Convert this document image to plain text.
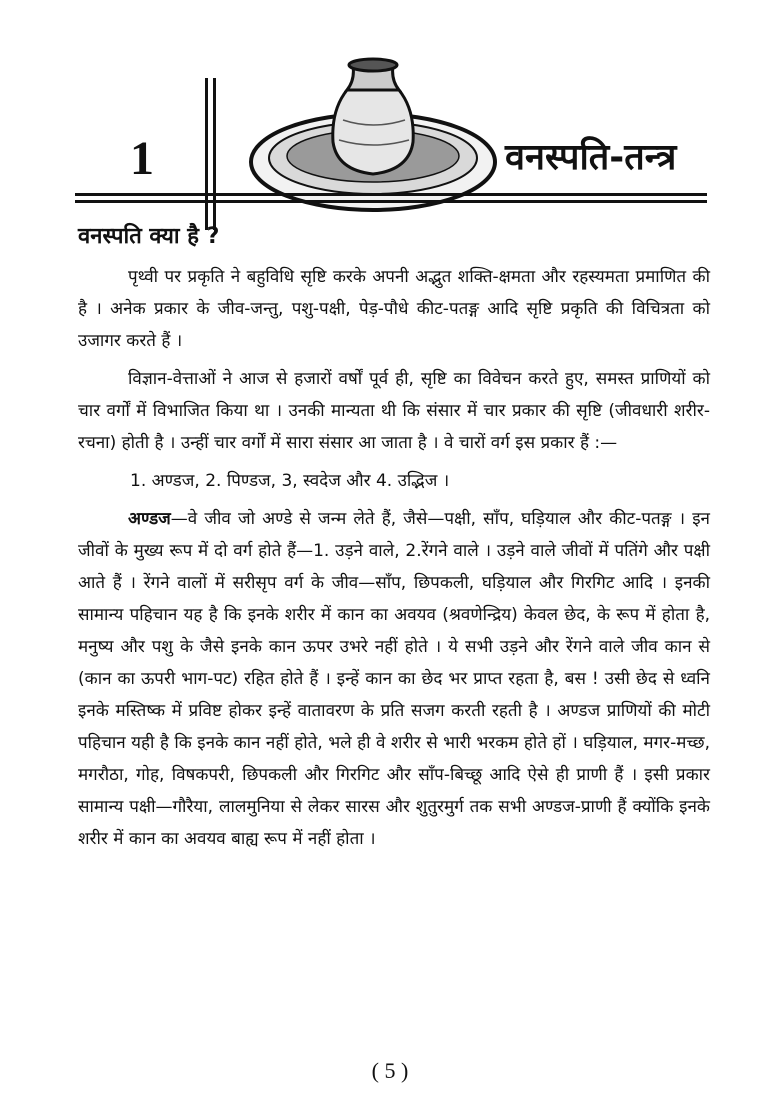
1	वनस्पति-तन्त्र
वनस्पति क्या है ?

पृथ्वी पर प्रकृति ने बहुविधि सृष्टि करके अपनी अद्भुत शक्ति-क्षमता और रहस्यमता प्रमाणित की है । अनेक प्रकार के जीव-जन्तु, पशु-पक्षी, पेड़-पौधे कीट-पतङ्ग आदि सृष्टि प्रकृति की विचित्रता को उजागर करते हैं ।

विज्ञान-वेत्ताओं ने आज से हजारों वर्षों पूर्व ही, सृष्टि का विवेचन करते हुए, समस्त प्राणियों को चार वर्गों में विभाजित किया था । उनकी मान्यता थी कि संसार में चार प्रकार की सृष्टि (जीवधारी शरीर-रचना) होती है । उन्हीं चार वर्गों में सारा संसार आ जाता है । वे चारों वर्ग इस प्रकार हैं :—

1. अण्डज, 2. पिण्डज, 3, स्वदेज और 4. उद्भिज ।

अण्डज—वे जीव जो अण्डे से जन्म लेते हैं, जैसे—पक्षी, साँप, घड़ियाल और कीट-पतङ्ग । इन जीवों के मुख्य रूप में दो वर्ग होते हैं—1. उड़ने वाले, 2.रेंगने वाले । उड़ने वाले जीवों में पतिंगे और पक्षी आते हैं । रेंगने वालों में सरीसृप वर्ग के जीव—साँप, छिपकली, घड़ियाल और गिरगिट आदि । इनकी सामान्य पहिचान यह है कि इनके शरीर में कान का अवयव (श्रवणेन्द्रिय) केवल छेद, के रूप में होता है, मनुष्य और पशु के जैसे इनके कान ऊपर उभरे नहीं होते । ये सभी उड़ने और रेंगने वाले जीव कान से (कान का ऊपरी भाग-पट) रहित होते हैं । इन्हें कान का छेद भर प्राप्त रहता है, बस ! उसी छेद से ध्वनि इनके मस्तिष्क में प्रविष्ट होकर इन्हें वातावरण के प्रति सजग करती रहती है । अण्डज प्राणियों की मोटी पहिचान यही है कि इनके कान नहीं होते, भले ही वे शरीर से भारी भरकम होते हों । घड़ियाल, मगर-मच्छ, मगरौठा, गोह, विषकपरी, छिपकली और गिरगिट और साँप-बिच्छू आदि ऐसे ही प्राणी हैं । इसी प्रकार सामान्य पक्षी—गौरैया, लालमुनिया से लेकर सारस और शुतुरमुर्ग तक सभी अण्डज-प्राणी हैं क्योंकि इनके शरीर में कान का अवयव बाह्य रूप में नहीं होता ।

( 5 )
